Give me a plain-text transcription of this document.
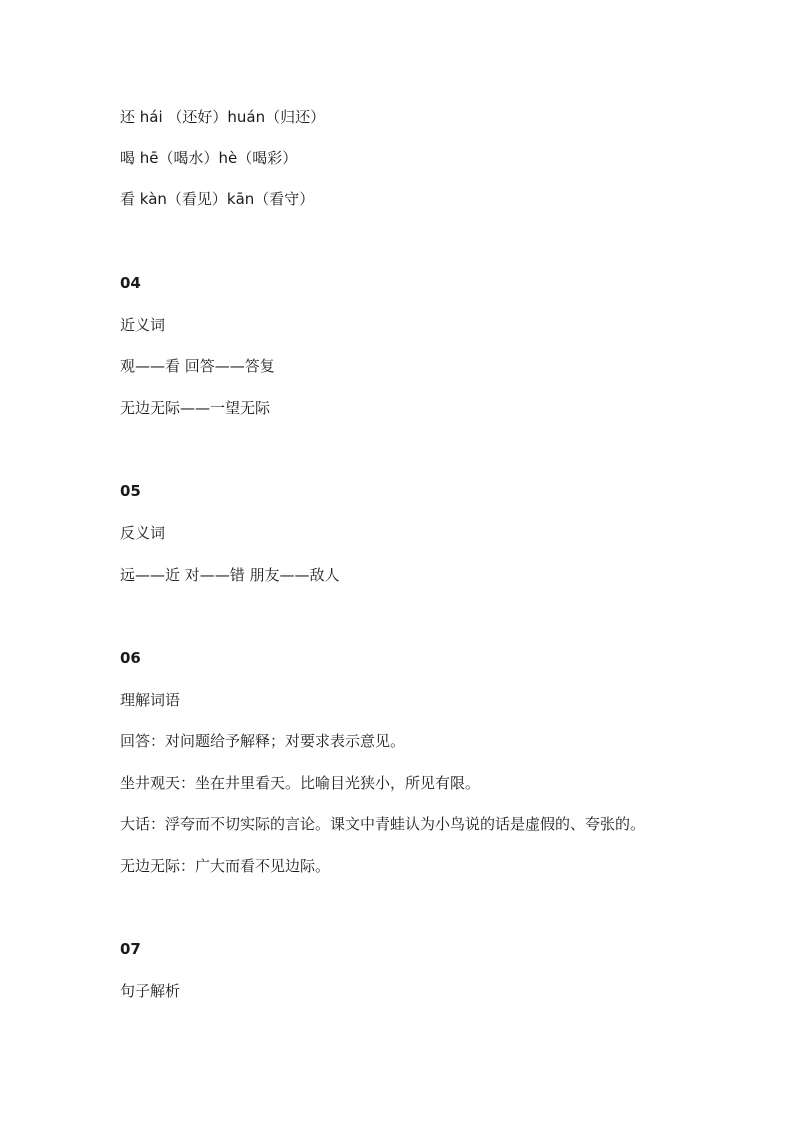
还 hái （还好）huán（归还）
喝 hē（喝水）hè（喝彩）
看 kàn（看见）kān（看守）
04
近义词
观——看 回答——答复
无边无际——一望无际
05
反义词
远——近 对——错 朋友——敌人
06
理解词语
回答：对问题给予解释；对要求表示意见。
坐井观天：坐在井里看天。比喻目光狭小，所见有限。
大话：浮夸而不切实际的言论。课文中青蛙认为小鸟说的话是虚假的、夸张的。
无边无际：广大而看不见边际。
07
句子解析
